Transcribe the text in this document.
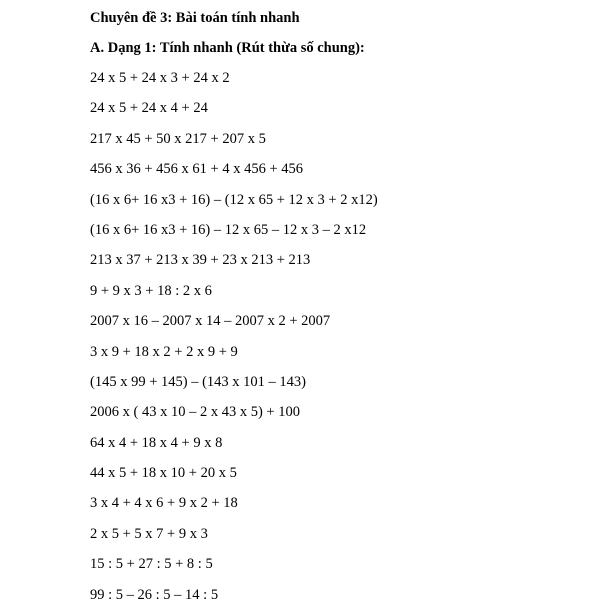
Chuyên đề 3: Bài toán tính nhanh
A. Dạng 1: Tính nhanh (Rút thừa số chung):
24 x 5 + 24 x 3 + 24 x 2
24 x 5 + 24 x 4 + 24
217 x 45 + 50 x 217 + 207 x 5
456 x 36 + 456 x 61 + 4 x 456 + 456
(16 x 6+ 16 x3 + 16) – (12 x 65 + 12 x 3 + 2 x12)
(16 x 6+ 16 x3 + 16) – 12 x 65 – 12 x 3 – 2 x12
213 x 37 + 213 x 39 + 23 x 213 + 213
9 + 9 x 3 + 18 : 2 x 6
2007 x 16 – 2007 x 14 – 2007 x 2 + 2007
3 x 9 + 18 x 2 + 2 x 9 + 9
(145 x 99 + 145) – (143 x 101 – 143)
2006 x ( 43 x 10 – 2 x 43 x 5) + 100
64 x 4 + 18 x 4 + 9 x 8
44 x 5 + 18 x 10 + 20 x 5
3 x 4 + 4 x 6 + 9 x 2 + 18
2 x 5 + 5 x 7 + 9 x 3
15 : 5 + 27 : 5 + 8 : 5
99 : 5 – 26 : 5 – 14 : 5
